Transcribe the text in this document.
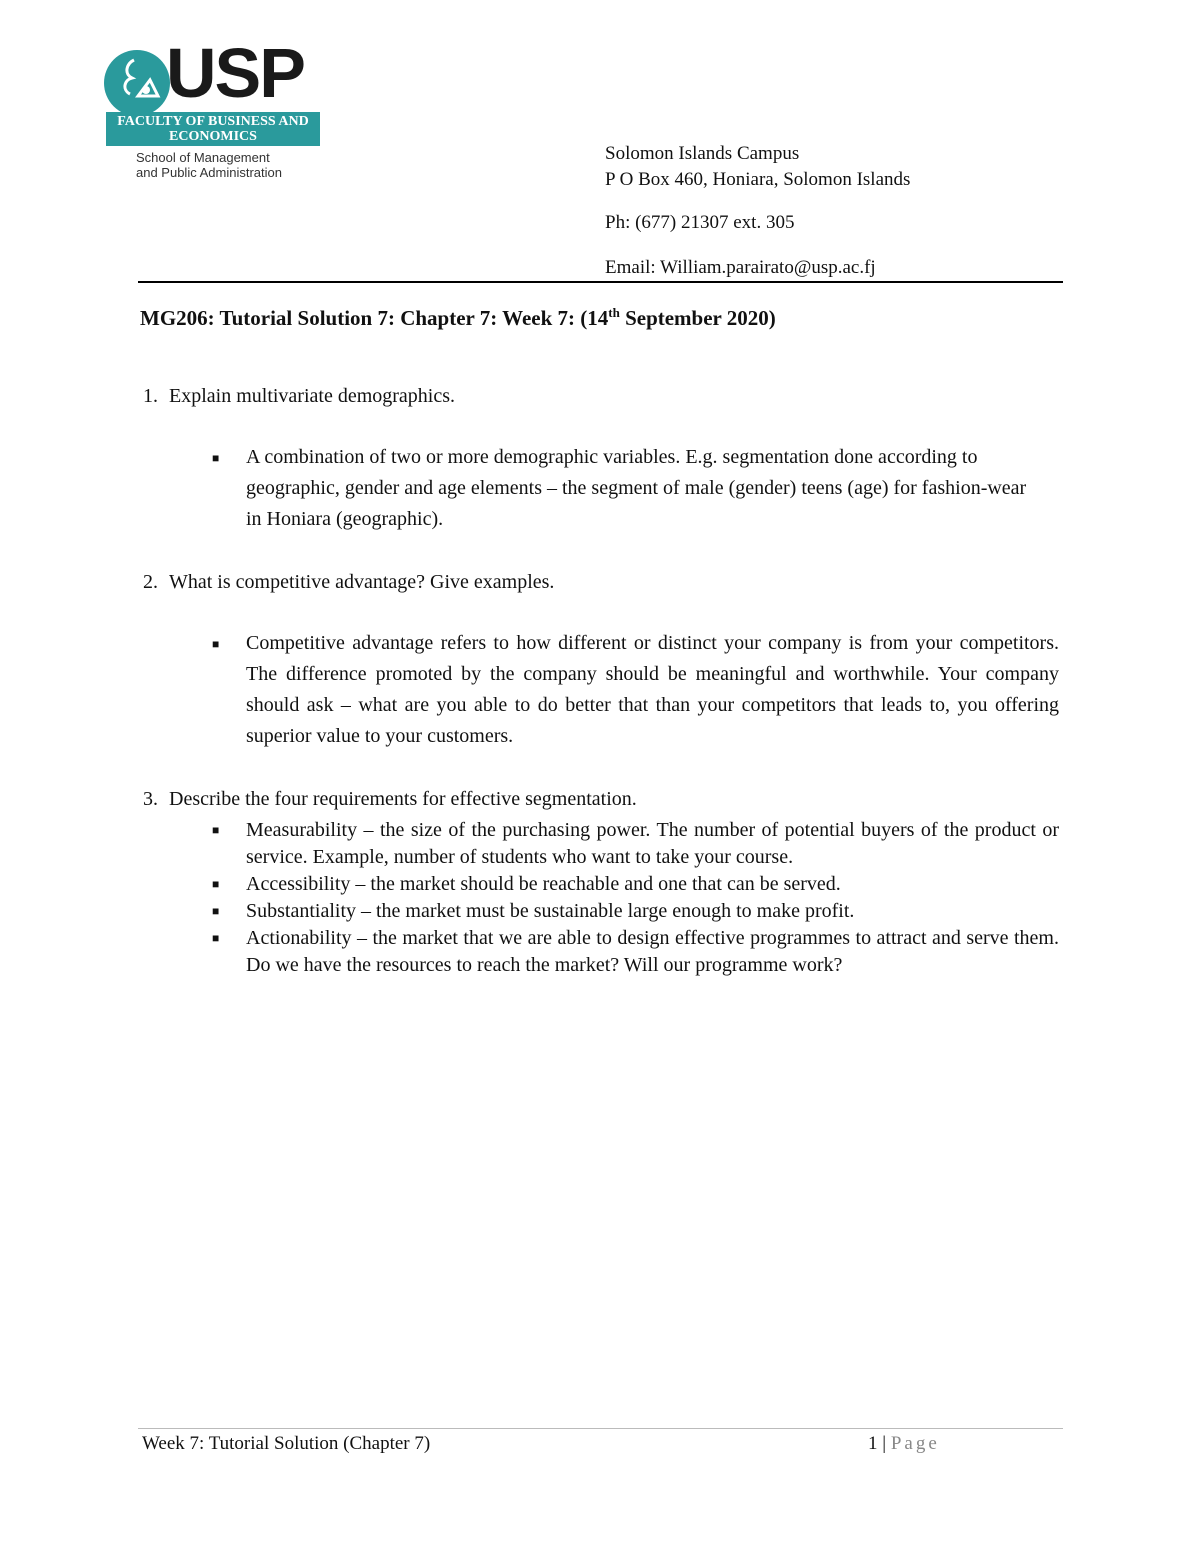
USP
FACULTY OF BUSINESS AND ECONOMICS
School of Management
and Public Administration
Solomon Islands Campus
P O Box 460, Honiara, Solomon Islands
Ph: (677) 21307 ext. 305
Email: William.parairato@usp.ac.fj
MG206: Tutorial Solution 7: Chapter 7: Week 7: (14th September 2020)
1. Explain multivariate demographics.
■ A combination of two or more demographic variables. E.g. segmentation done according to geographic, gender and age elements – the segment of male (gender) teens (age) for fashion-wear in Honiara (geographic).
2. What is competitive advantage? Give examples.
■ Competitive advantage refers to how different or distinct your company is from your competitors. The difference promoted by the company should be meaningful and worthwhile. Your company should ask – what are you able to do better that than your competitors that leads to, you offering superior value to your customers.
3. Describe the four requirements for effective segmentation.
■ Measurability – the size of the purchasing power. The number of potential buyers of the product or service. Example, number of students who want to take your course.
■ Accessibility – the market should be reachable and one that can be served.
■ Substantiality – the market must be sustainable large enough to make profit.
■ Actionability – the market that we are able to design effective programmes to attract and serve them. Do we have the resources to reach the market? Will our programme work?
Week 7: Tutorial Solution (Chapter 7)	1 | Page
